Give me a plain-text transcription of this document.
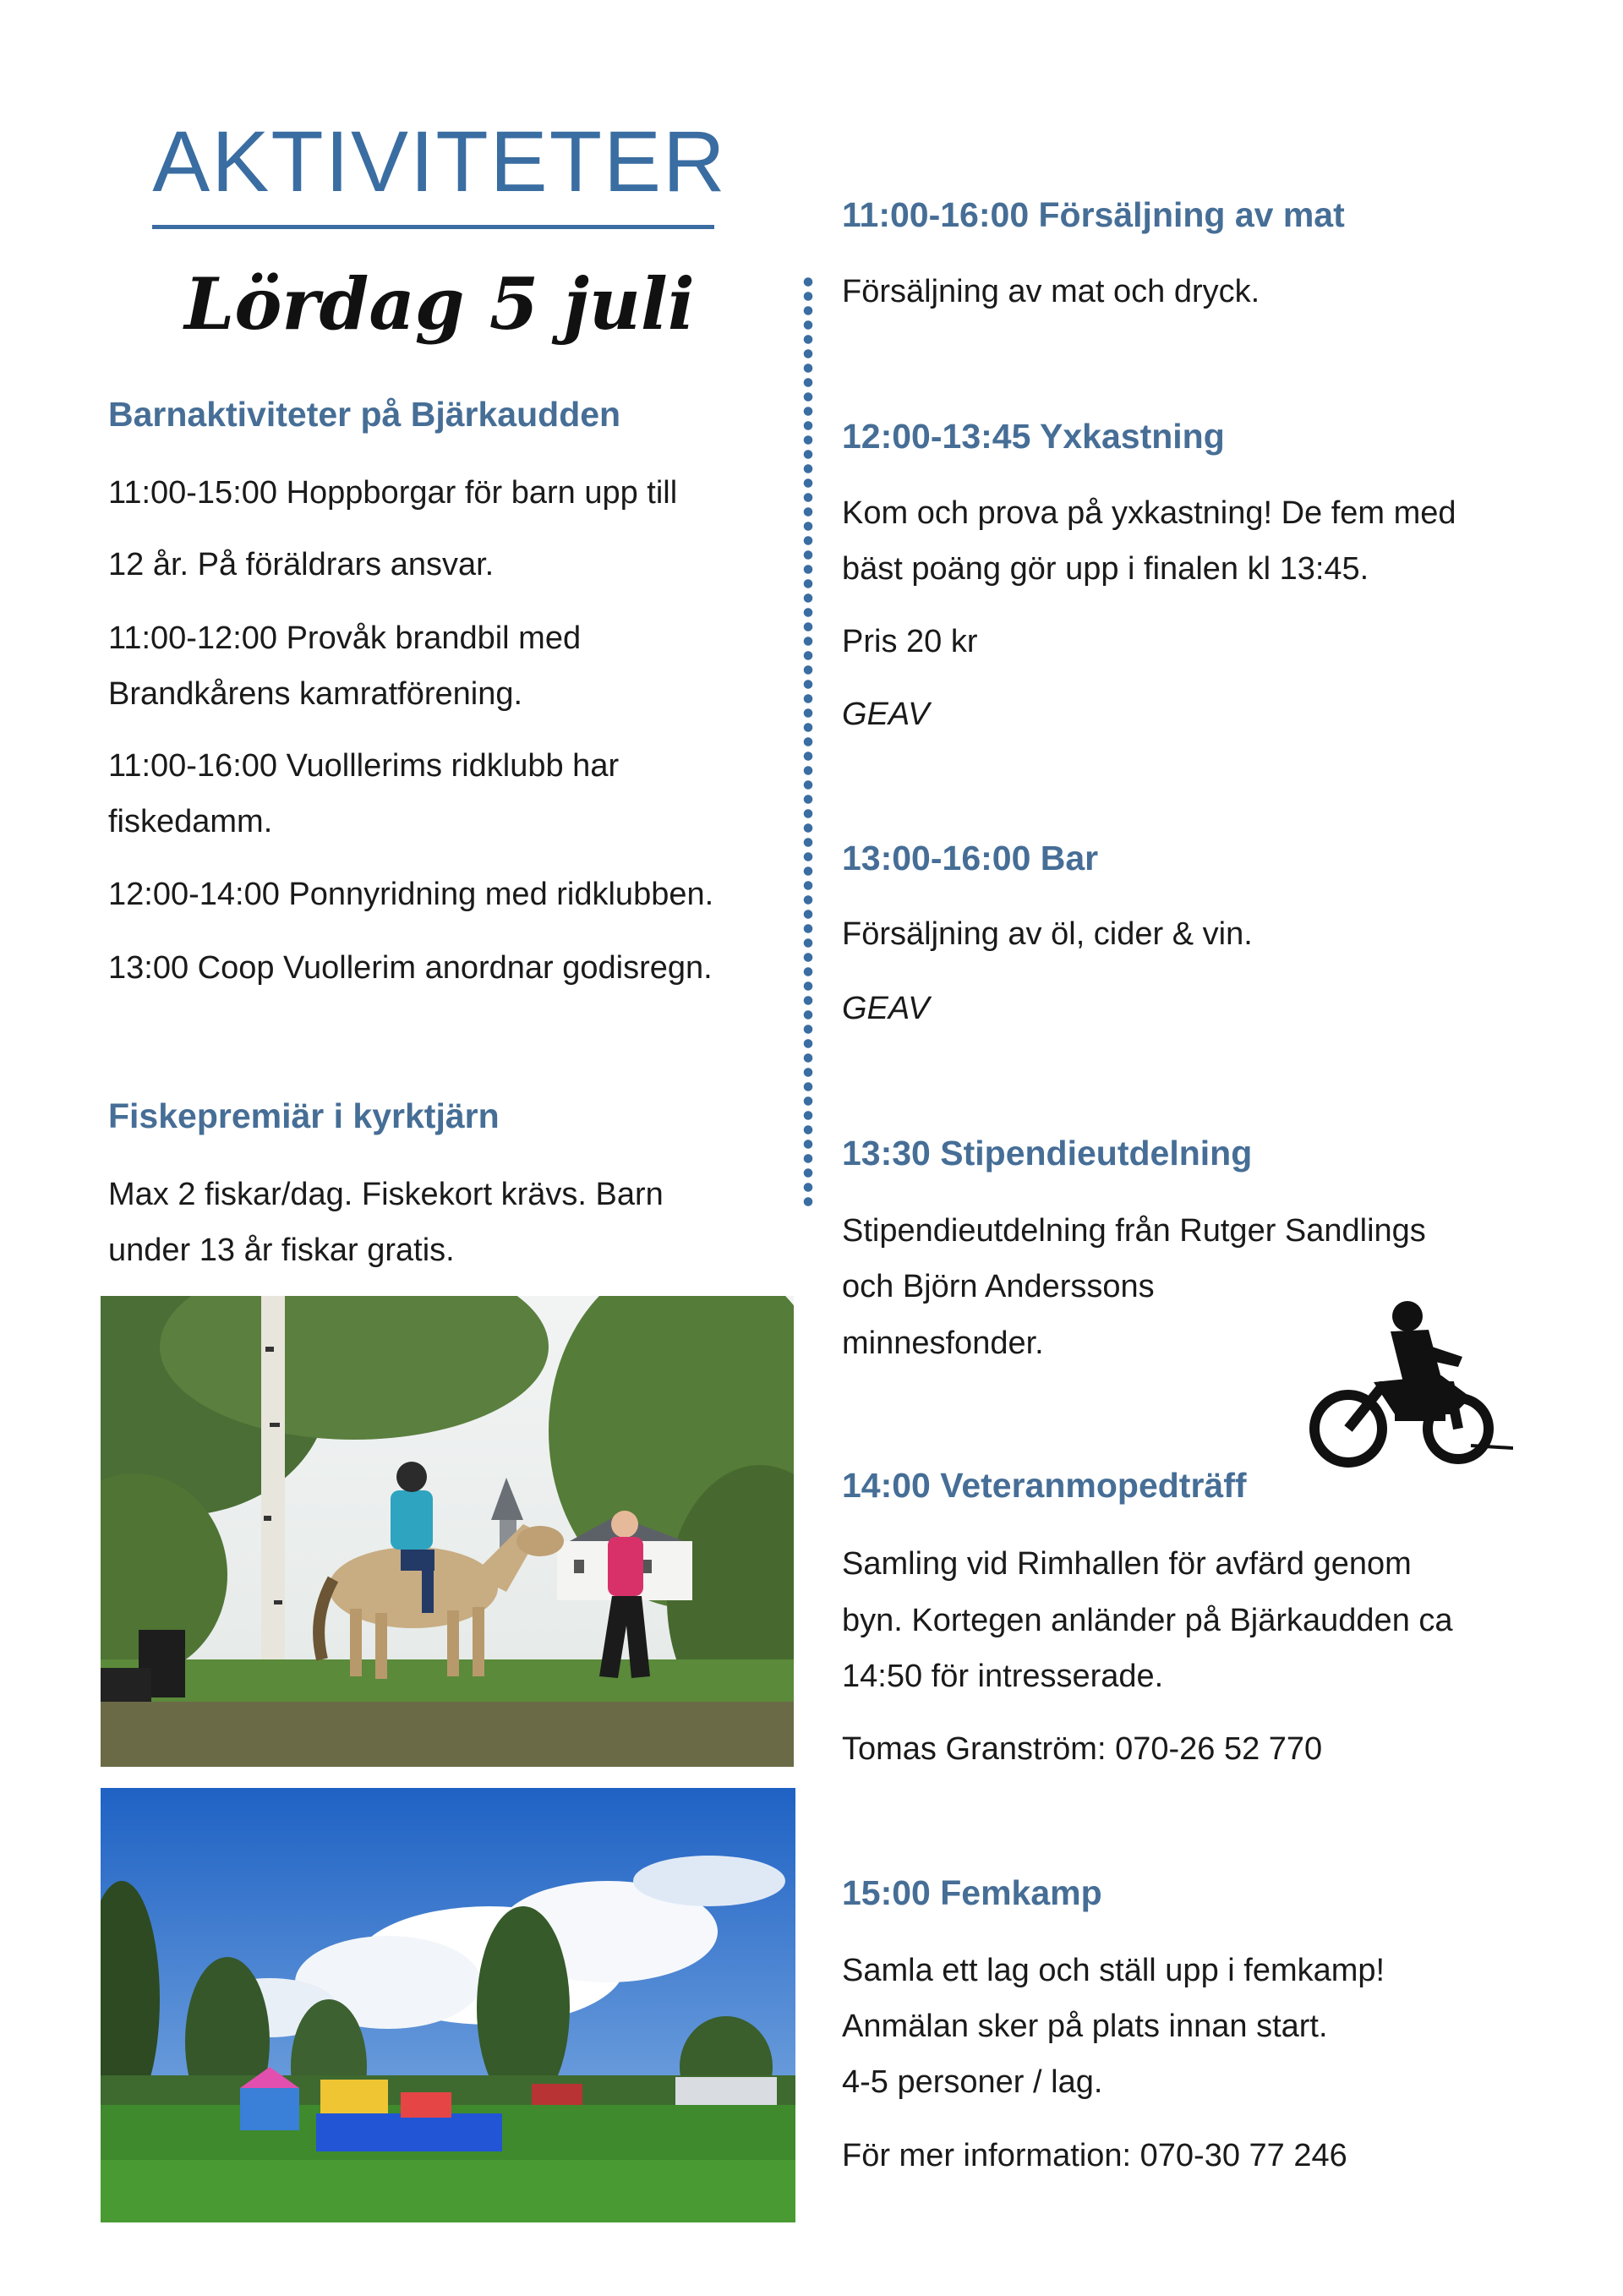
AKTIVITETER
Lördag 5 juli
Barnaktiviteter på Bjärkaudden
11:00-15:00 Hoppborgar för barn upp till
12 år. På föräldrars ansvar.
11:00-12:00 Provåk brandbil med
Brandkårens kamratförening.
11:00-16:00 Vuolllerims ridklubb har
fiskedamm.
12:00-14:00 Ponnyridning med ridklubben.
13:00 Coop Vuollerim anordnar godisregn.
Fiskepremiär i kyrktjärn
Max 2 fiskar/dag. Fiskekort krävs. Barn
under 13 år fiskar gratis.
11:00-16:00 Försäljning av mat
Försäljning av mat och dryck.
12:00-13:45 Yxkastning
Kom och prova på yxkastning! De fem med
bäst poäng gör upp i finalen kl 13:45.
Pris 20 kr
GEAV
13:00-16:00 Bar
Försäljning av öl, cider & vin.
GEAV
13:30 Stipendieutdelning
Stipendieutdelning från Rutger Sandlings
och Björn Anderssons
minnesfonder.
14:00 Veteranmopedträff
Samling vid Rimhallen för avfärd genom
byn. Kortegen anländer på Bjärkaudden ca
14:50 för intresserade.
Tomas Granström: 070-26 52 770
15:00 Femkamp
Samla ett lag och ställ upp i femkamp!
Anmälan sker på plats innan start.
4-5 personer / lag.
För mer information: 070-30 77 246
